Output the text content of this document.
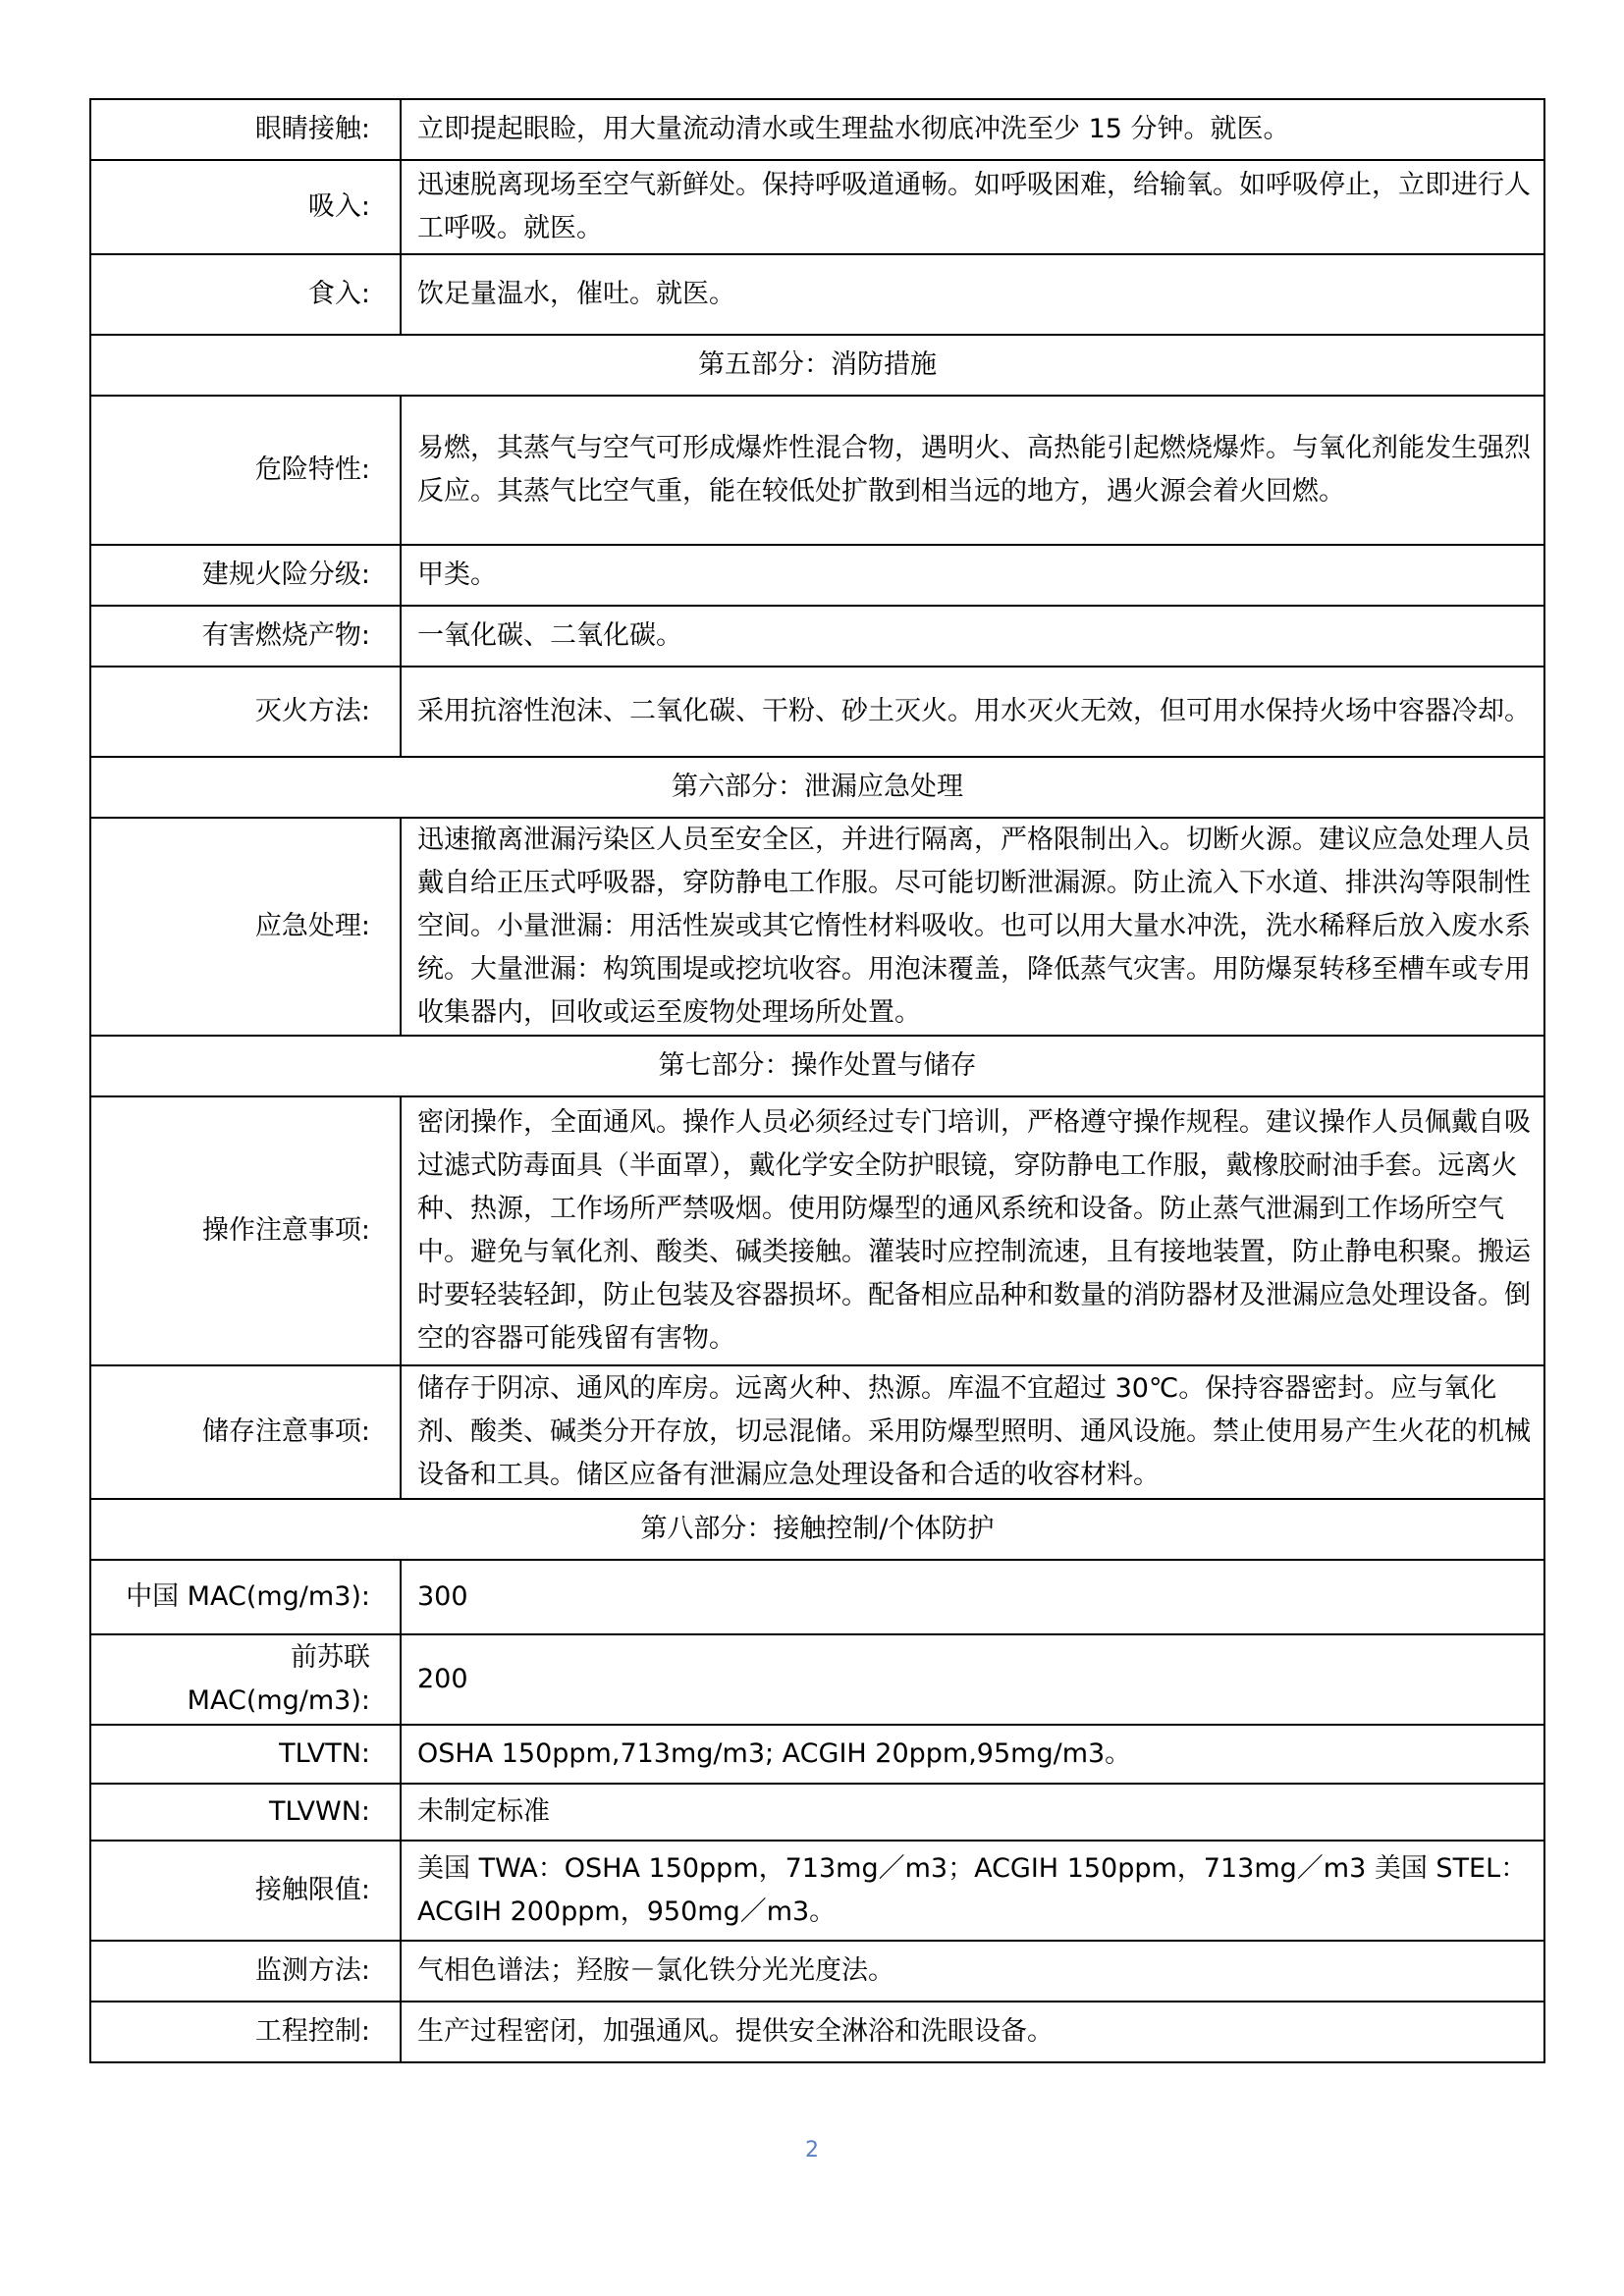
眼睛接触:	立即提起眼睑，用大量流动清水或生理盐水彻底冲洗至少 15 分钟。就医。
吸入:	迅速脱离现场至空气新鲜处。保持呼吸道通畅。如呼吸困难，给输氧。如呼吸停止，立即进行人工呼吸。就医。
食入:	饮足量温水，催吐。就医。
第五部分：消防措施	
危险特性:	易燃，其蒸气与空气可形成爆炸性混合物，遇明火、高热能引起燃烧爆炸。与氧化剂能发生强烈反应。其蒸气比空气重，能在较低处扩散到相当远的地方，遇火源会着火回燃。
建规火险分级:	甲类。
有害燃烧产物:	一氧化碳、二氧化碳。
灭火方法:	采用抗溶性泡沫、二氧化碳、干粉、砂土灭火。用水灭火无效，但可用水保持火场中容器冷却。
第六部分：泄漏应急处理	
应急处理:	迅速撤离泄漏污染区人员至安全区，并进行隔离，严格限制出入。切断火源。建议应急处理人员戴自给正压式呼吸器，穿防静电工作服。尽可能切断泄漏源。防止流入下水道、排洪沟等限制性空间。小量泄漏：用活性炭或其它惰性材料吸收。也可以用大量水冲洗，洗水稀释后放入废水系统。大量泄漏：构筑围堤或挖坑收容。用泡沫覆盖，降低蒸气灾害。用防爆泵转移至槽车或专用收集器内，回收或运至废物处理场所处置。
第七部分：操作处置与储存	
操作注意事项:	密闭操作，全面通风。操作人员必须经过专门培训，严格遵守操作规程。建议操作人员佩戴自吸过滤式防毒面具（半面罩），戴化学安全防护眼镜，穿防静电工作服，戴橡胶耐油手套。远离火种、热源，工作场所严禁吸烟。使用防爆型的通风系统和设备。防止蒸气泄漏到工作场所空气中。避免与氧化剂、酸类、碱类接触。灌装时应控制流速，且有接地装置，防止静电积聚。搬运时要轻装轻卸，防止包装及容器损坏。配备相应品种和数量的消防器材及泄漏应急处理设备。倒空的容器可能残留有害物。
储存注意事项:	储存于阴凉、通风的库房。远离火种、热源。库温不宜超过 30℃。保持容器密封。应与氧化剂、酸类、碱类分开存放，切忌混储。采用防爆型照明、通风设施。禁止使用易产生火花的机械设备和工具。储区应备有泄漏应急处理设备和合适的收容材料。
第八部分：接触控制/个体防护	
中国 MAC(mg/m3):	300
前苏联 MAC(mg/m3):	200
TLVTN:	OSHA 150ppm,713mg/m3; ACGIH 20ppm,95mg/m3。
TLVWN:	未制定标准
接触限值:	美国 TWA：OSHA 150ppm，713mg／m3；ACGIH 150ppm，713mg／m3 美国 STEL：ACGIH 200ppm，950mg／m3。
监测方法:	气相色谱法；羟胺－氯化铁分光光度法。
工程控制:	生产过程密闭，加强通风。提供安全淋浴和洗眼设备。
2
